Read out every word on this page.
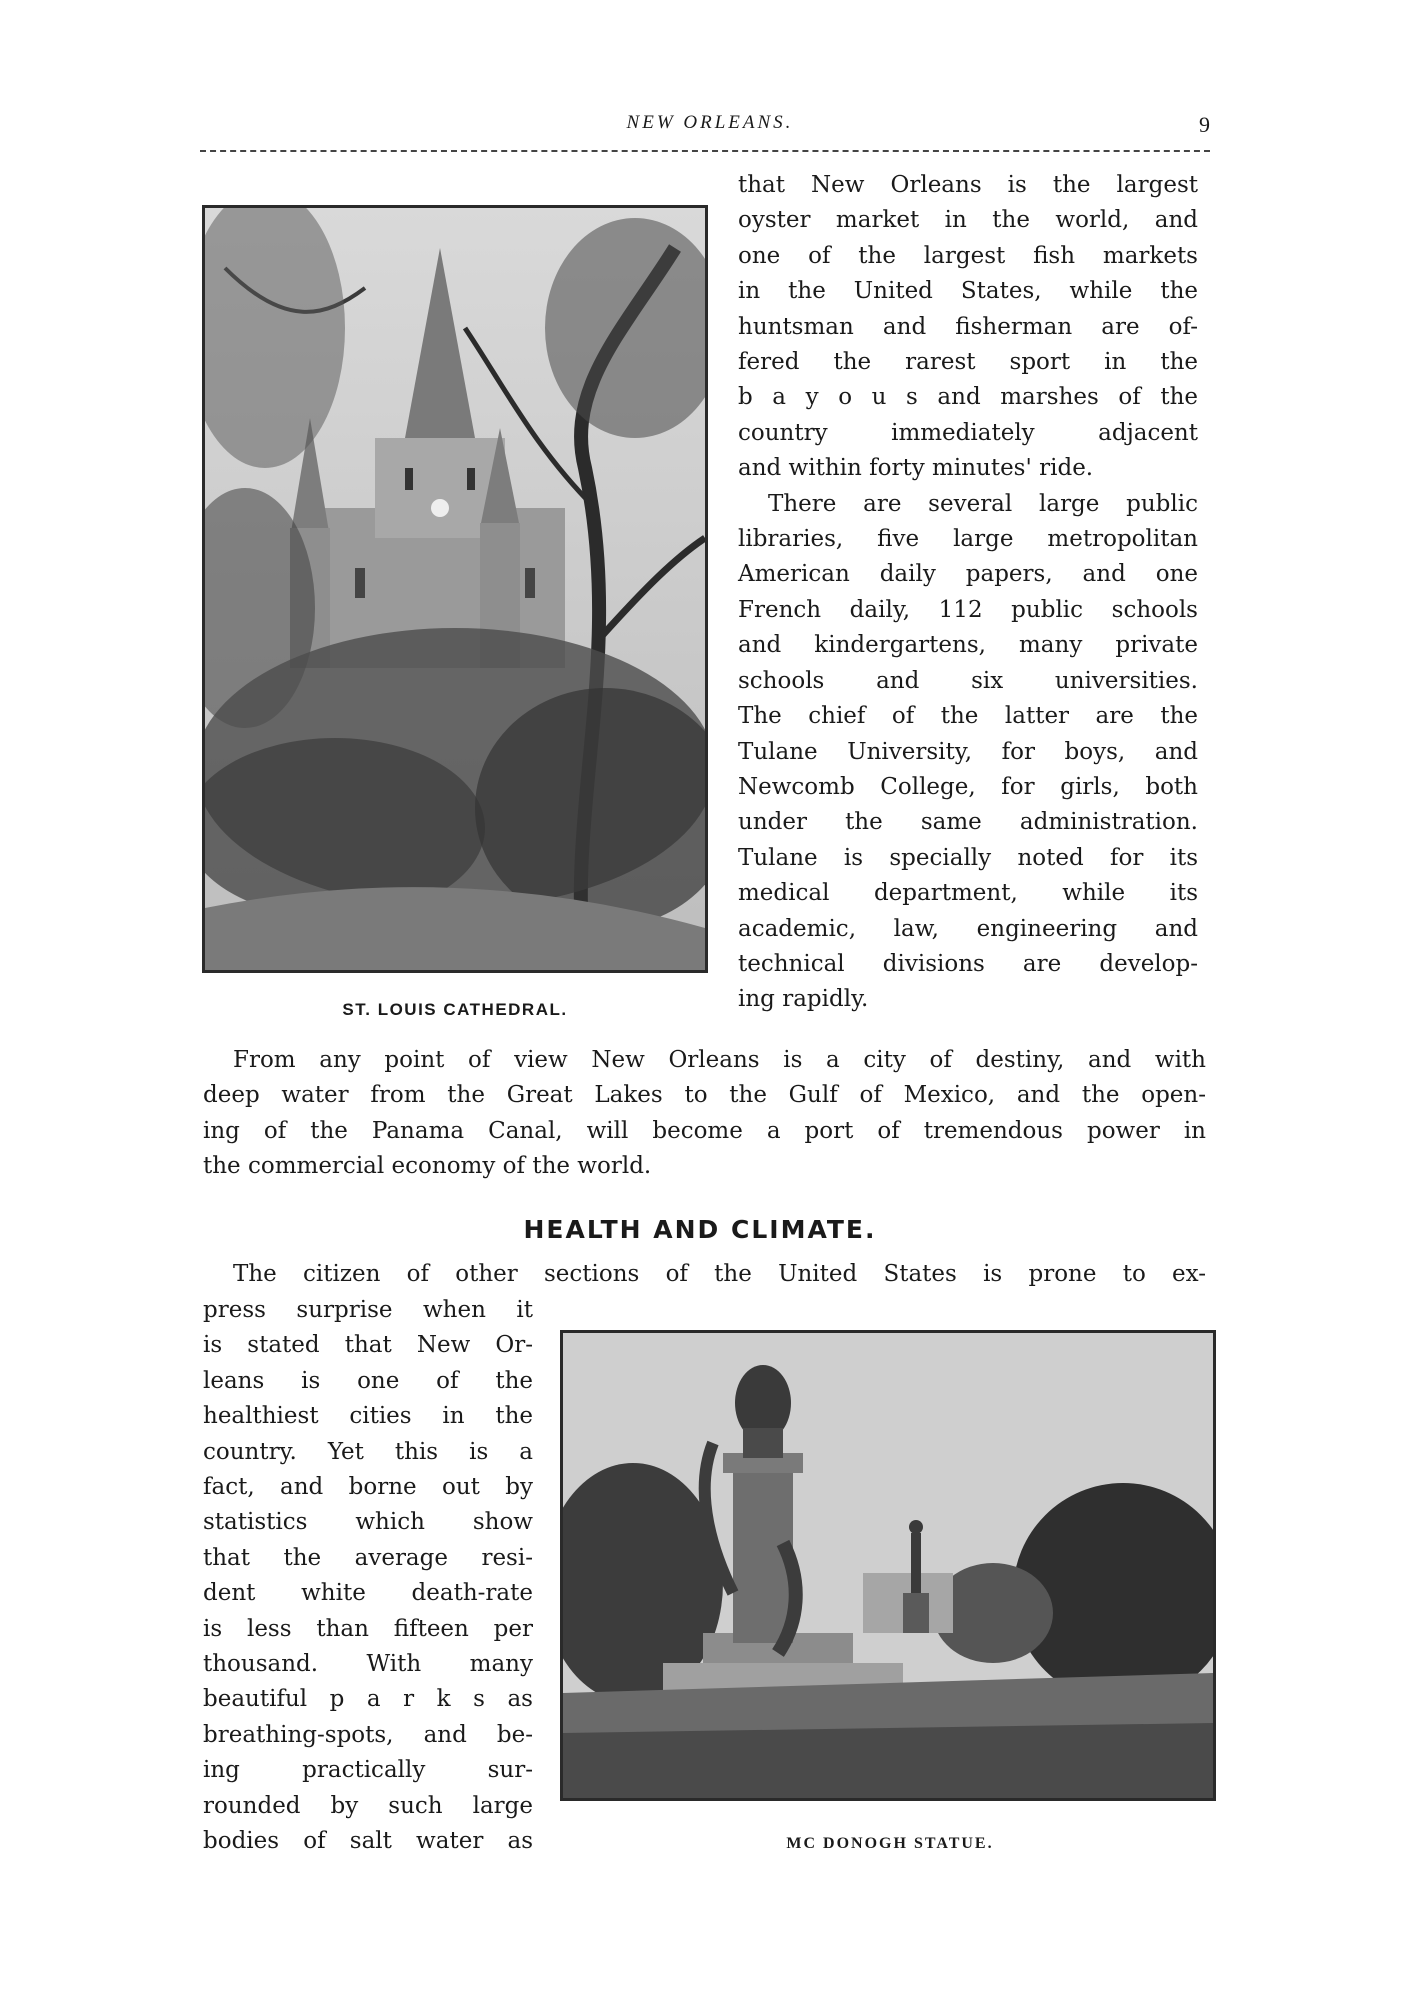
NEW ORLEANS.	9
ST. LOUIS CATHEDRAL.
that New Orleans is the largest
oyster market in the world, and
one of the largest fish markets
in the United States, while the
huntsman and fisherman are of-
fered the rarest sport in the
b a y o u s and marshes of the
country immediately adjacent
and within forty minutes' ride.
There are several large public
libraries, five large metropolitan
American daily papers, and one
French daily, 112 public schools
and kindergartens, many private
schools and six universities.
The chief of the latter are the
Tulane University, for boys, and
Newcomb College, for girls, both
under the same administration.
Tulane is specially noted for its
medical department, while its
academic, law, engineering and
technical divisions are develop-
ing rapidly.
From any point of view New Orleans is a city of destiny, and with
deep water from the Great Lakes to the Gulf of Mexico, and the open-
ing of the Panama Canal, will become a port of tremendous power in
the commercial economy of the world.
HEALTH AND CLIMATE.
The citizen of other sections of the United States is prone to ex-
press surprise when it
is stated that New Or-
leans is one of the
healthiest cities in the
country. Yet this is a
fact, and borne out by
statistics which show
that the average resi-
dent white death-rate
is less than fifteen per
thousand. With many
beautiful p a r k s as
breathing-spots, and be-
ing practically sur-
rounded by such large
bodies of salt water as	MC DONOGH STATUE.
